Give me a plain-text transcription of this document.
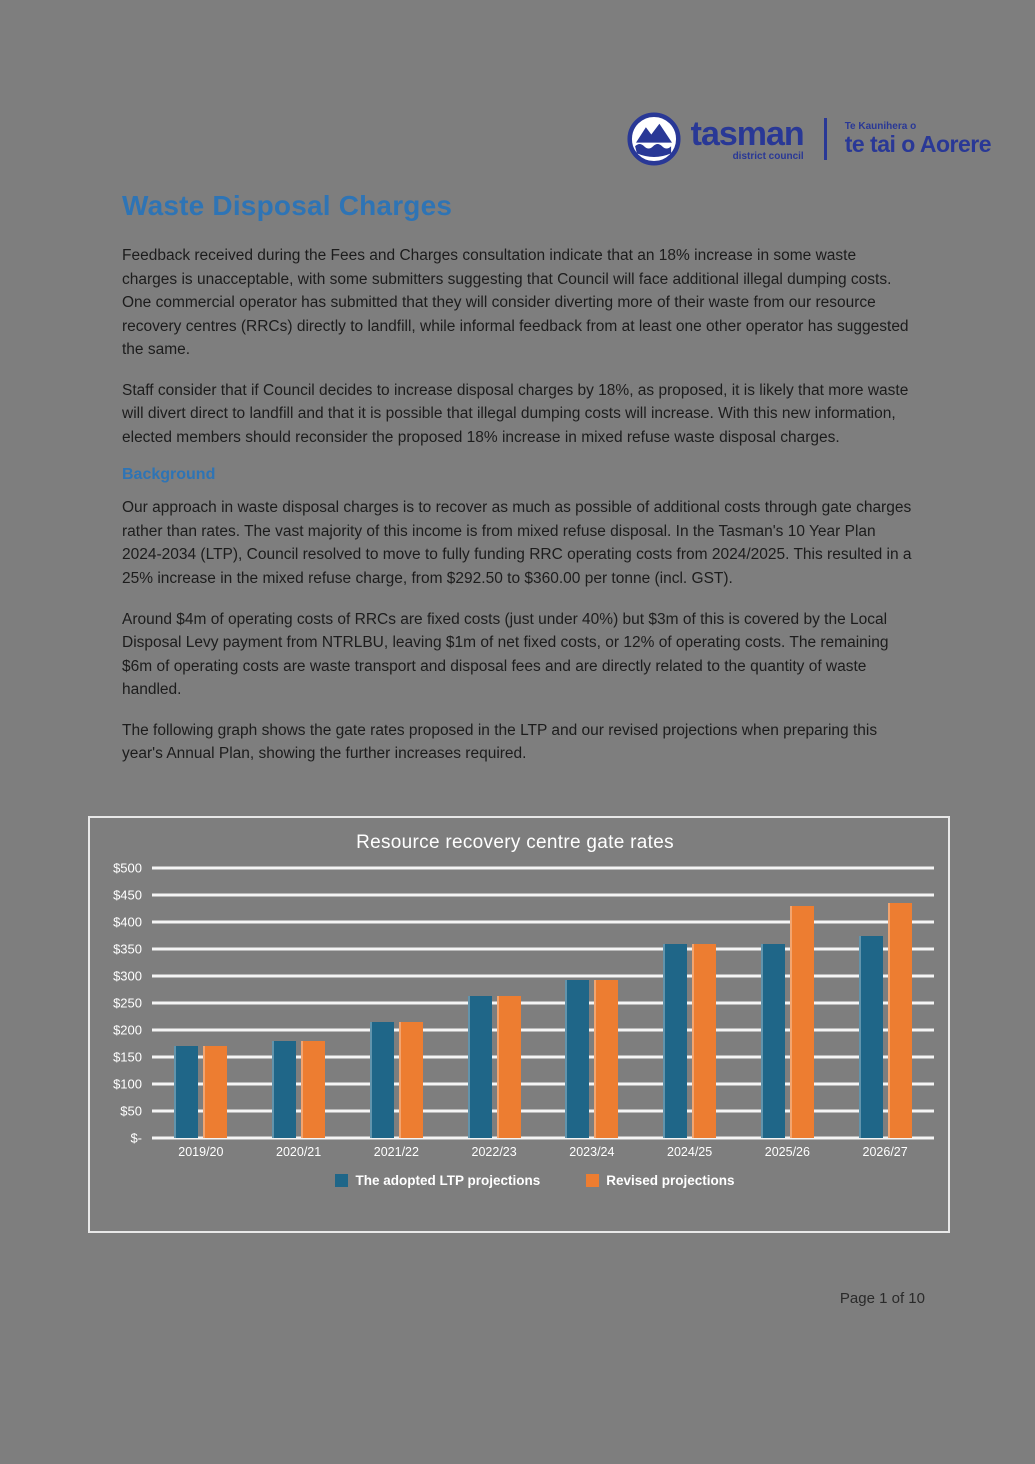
tasman
district council
Te Kaunihera o
te tai o Aorere
Waste Disposal Charges

Feedback received during the Fees and Charges consultation indicate that an 18% increase in some waste charges is unacceptable, with some submitters suggesting that Council will face additional illegal dumping costs. One commercial operator has submitted that they will consider diverting more of their waste from our resource recovery centres (RRCs) directly to landfill, while informal feedback from at least one other operator has suggested the same.

Staff consider that if Council decides to increase disposal charges by 18%, as proposed, it is likely that more waste will divert direct to landfill and that it is possible that illegal dumping costs will increase. With this new information, elected members should reconsider the proposed 18% increase in mixed refuse waste disposal charges.

Background

Our approach in waste disposal charges is to recover as much as possible of additional costs through gate charges rather than rates. The vast majority of this income is from mixed refuse disposal. In the Tasman's 10 Year Plan 2024-2034 (LTP), Council resolved to move to fully funding RRC operating costs from 2024/2025. This resulted in a 25% increase in the mixed refuse charge, from $292.50 to $360.00 per tonne (incl. GST).

Around $4m of operating costs of RRCs are fixed costs (just under 40%) but $3m of this is covered by the Local Disposal Levy payment from NTRLBU, leaving $1m of net fixed costs, or 12% of operating costs. The remaining $6m of operating costs are waste transport and disposal fees and are directly related to the quantity of waste handled.

The following graph shows the gate rates proposed in the LTP and our revised projections when preparing this year's Annual Plan, showing the further increases required.

Resource recovery centre gate rates
$-
$50
$100
$150
$200
$250
$300
$350
$400
$450
$500
2019/20	2020/21	2021/22	2022/23	2023/24	2024/25	2025/26	2026/27
The adopted LTP projections	Revised projections
Page 1 of 10
